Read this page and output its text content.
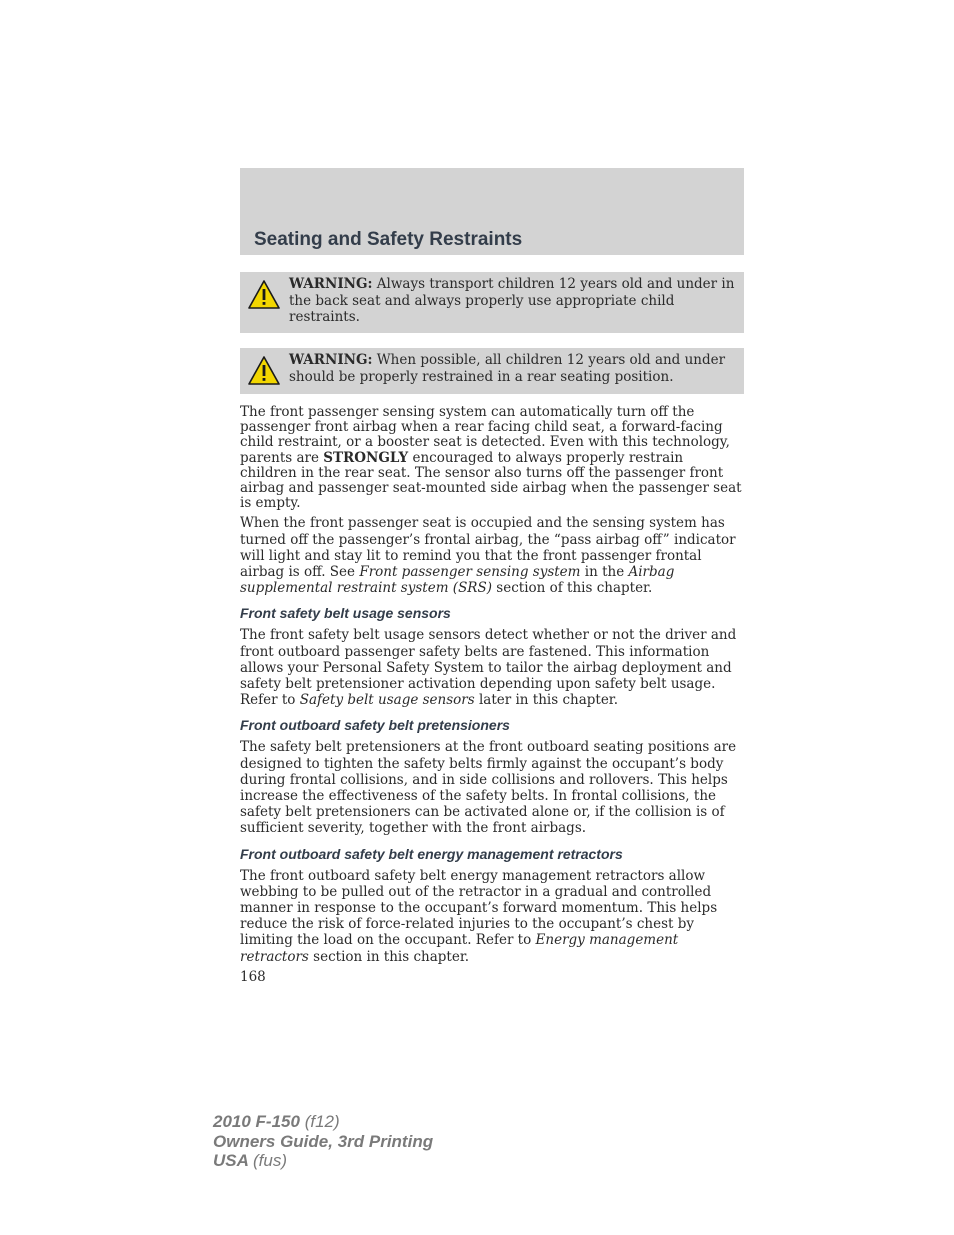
Seating and Safety Restraints
WARNING: Always transport children 12 years old and under in the back seat and always properly use appropriate child restraints.
WARNING: When possible, all children 12 years old and under should be properly restrained in a rear seating position.

The front passenger sensing system can automatically turn off the passenger front airbag when a rear facing child seat, a forward-facing child restraint, or a booster seat is detected. Even with this technology, parents are STRONGLY encouraged to always properly restrain children in the rear seat. The sensor also turns off the passenger front airbag and passenger seat-mounted side airbag when the passenger seat is empty.

When the front passenger seat is occupied and the sensing system has turned off the passenger’s frontal airbag, the “pass airbag off” indicator will light and stay lit to remind you that the front passenger frontal airbag is off. See Front passenger sensing system in the Airbag supplemental restraint system (SRS) section of this chapter.

Front safety belt usage sensors

The front safety belt usage sensors detect whether or not the driver and front outboard passenger safety belts are fastened. This information allows your Personal Safety System to tailor the airbag deployment and safety belt pretensioner activation depending upon safety belt usage. Refer to Safety belt usage sensors later in this chapter.

Front outboard safety belt pretensioners

The safety belt pretensioners at the front outboard seating positions are designed to tighten the safety belts firmly against the occupant’s body during frontal collisions, and in side collisions and rollovers. This helps increase the effectiveness of the safety belts. In frontal collisions, the safety belt pretensioners can be activated alone or, if the collision is of sufficient severity, together with the front airbags.

Front outboard safety belt energy management retractors

The front outboard safety belt energy management retractors allow webbing to be pulled out of the retractor in a gradual and controlled manner in response to the occupant’s forward momentum. This helps reduce the risk of force-related injuries to the occupant’s chest by limiting the load on the occupant. Refer to Energy management retractors section in this chapter.

168

2010 F-150 (f12)
Owners Guide, 3rd Printing
USA (fus)
